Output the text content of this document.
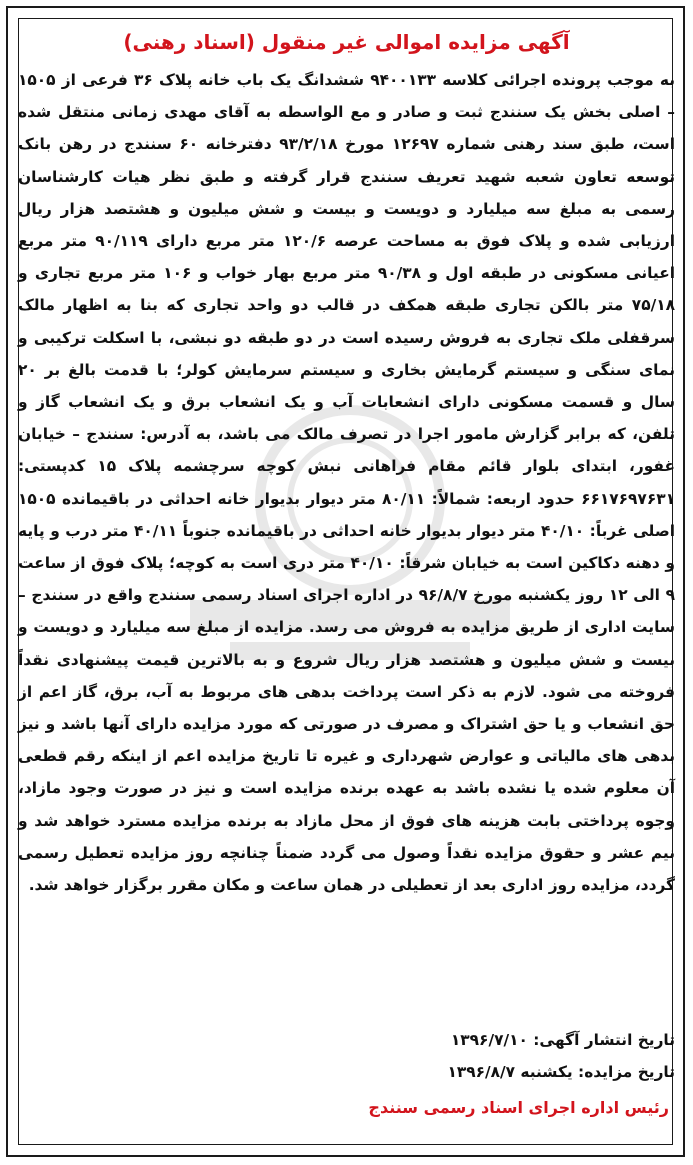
آگهی مزایده اموالی غیر منقول (اسناد رهنی)

به موجب پرونده اجرائی کلاسه ۹۴۰۰۱۳۳ ششدانگ یک باب خانه پلاک ۳۶ فرعی از ۱۵۰۵ – اصلی بخش یک سنندج ثبت و صادر و مع الواسطه به آقای مهدی زمانی منتقل شده است، طبق سند رهنی شماره ۱۲۶۹۷ مورخ ۹۳/۲/۱۸ دفترخانه ۶۰ سنندج در رهن بانک توسعه تعاون شعبه شهید تعریف سنندج قرار گرفته و طبق نظر هیات کارشناسان رسمی به مبلغ سه میلیارد و دویست و بیست و شش میلیون و هشتصد هزار ریال ارزیابی شده و پلاک فوق به مساحت عرصه ۱۲۰/۶ متر مربع دارای ۹۰/۱۱۹ متر مربع اعیانی مسکونی در طبقه اول و ۹۰/۳۸ متر مربع بهار خواب و ۱۰۶ متر مربع تجاری و ۷۵/۱۸ متر بالکن تجاری طبقه همکف در قالب دو واحد تجاری که بنا به اظهار مالک سرقفلی ملک تجاری به فروش رسیده است در دو طبقه دو نبشی، با اسکلت ترکیبی و نمای سنگی و سیستم گرمایش بخاری و سیستم سرمایش کولر؛ با قدمت بالغ بر ۲۰ سال و قسمت مسکونی دارای انشعابات آب و یک انشعاب برق و یک انشعاب گاز و تلفن، که برابر گزارش مامور اجرا در تصرف مالک می باشد، به آدرس: سنندج – خیابان غفور، ابتدای بلوار قائم مقام فراهانی نبش کوچه سرچشمه پلاک ۱۵ کدپستی: ۶۶۱۷۶۹۷۶۳۱ حدود اربعه: شمالاً: ۸۰/۱۱ متر دیوار بدیوار خانه احداثی در باقیمانده ۱۵۰۵ اصلی غرباً: ۴۰/۱۰ متر دیوار بدیوار خانه احداثی در باقیمانده جنوباً ۴۰/۱۱ متر درب و پایه و دهنه دکاکین است به خیابان شرقاً: ۴۰/۱۰ متر دری است به کوچه؛ پلاک فوق از ساعت ۹ الی ۱۲ روز یکشنبه مورخ ۹۶/۸/۷ در اداره اجرای اسناد رسمی سنندج واقع در سنندج – سایت اداری از طریق مزایده به فروش می رسد. مزایده از مبلغ سه میلیارد و دویست و بیست و شش میلیون و هشتصد هزار ریال شروع و به بالاترین قیمت پیشنهادی نقداً فروخته می شود. لازم به ذکر است پرداخت بدهی های مربوط به آب، برق، گاز اعم از حق انشعاب و یا حق اشتراک و مصرف در صورتی که مورد مزایده دارای آنها باشد و نیز بدهی های مالیاتی و عوارض شهرداری و غیره تا تاریخ مزایده اعم از اینکه رقم قطعی آن معلوم شده یا نشده باشد به عهده برنده مزایده است و نیز در صورت وجود مازاد، وجوه پرداختی بابت هزینه های فوق از محل مازاد به برنده مزایده مسترد خواهد شد و نیم عشر و حقوق مزایده نقداً وصول می گردد ضمناً چنانچه روز مزایده تعطیل رسمی گردد، مزایده روز اداری بعد از تعطیلی در همان ساعت و مکان مقرر برگزار خواهد شد.

تاریخ انتشار آگهی: ۱۳۹۶/۷/۱۰
تاریخ مزایده: یکشنبه ۱۳۹۶/۸/۷
رئیس اداره اجرای اسناد رسمی سنندج
